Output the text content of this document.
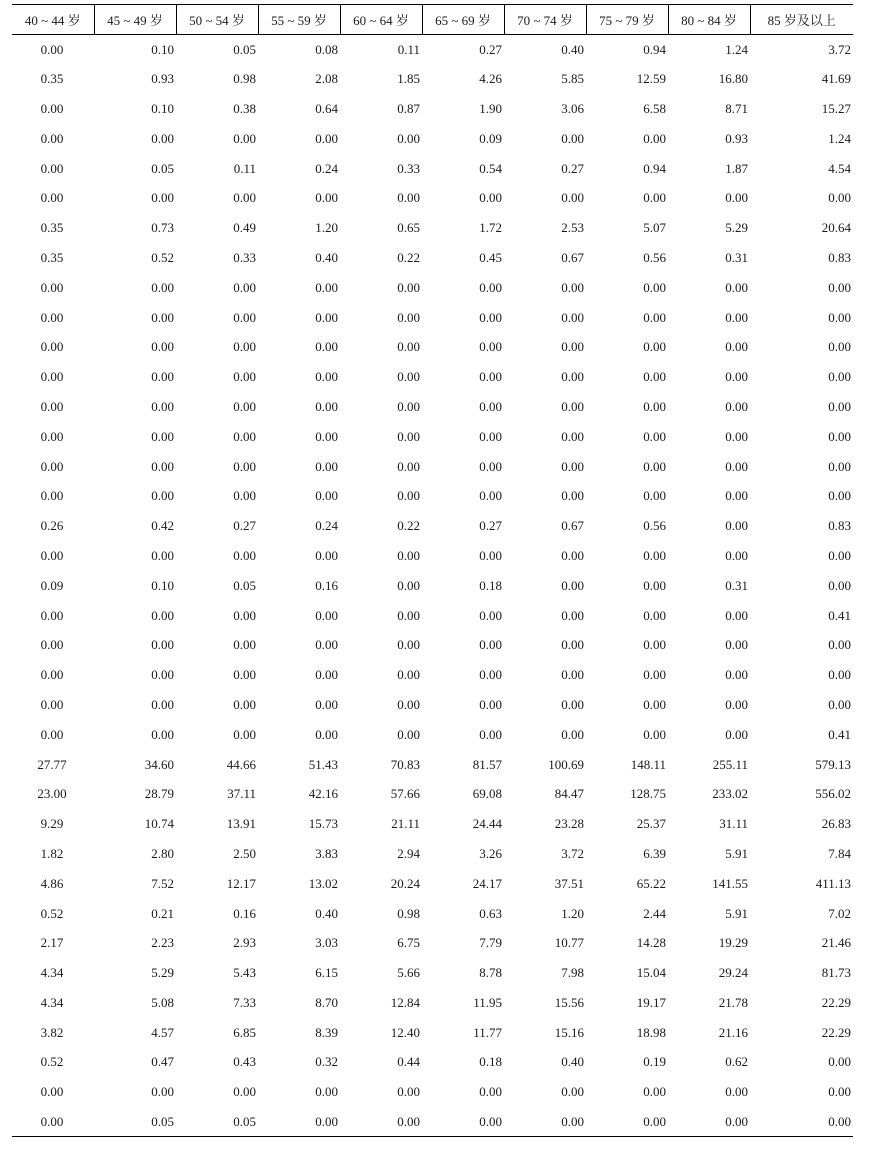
40 ~ 44 岁	45 ~ 49 岁	50 ~ 54 岁	55 ~ 59 岁	60 ~ 64 岁	65 ~ 69 岁	70 ~ 74 岁	75 ~ 79 岁	80 ~ 84 岁	85 岁及以上
0.00	0.10	0.05	0.08	0.11	0.27	0.40	0.94	1.24	3.72
0.35	0.93	0.98	2.08	1.85	4.26	5.85	12.59	16.80	41.69
0.00	0.10	0.38	0.64	0.87	1.90	3.06	6.58	8.71	15.27
0.00	0.00	0.00	0.00	0.00	0.09	0.00	0.00	0.93	1.24
0.00	0.05	0.11	0.24	0.33	0.54	0.27	0.94	1.87	4.54
0.00	0.00	0.00	0.00	0.00	0.00	0.00	0.00	0.00	0.00
0.35	0.73	0.49	1.20	0.65	1.72	2.53	5.07	5.29	20.64
0.35	0.52	0.33	0.40	0.22	0.45	0.67	0.56	0.31	0.83
0.00	0.00	0.00	0.00	0.00	0.00	0.00	0.00	0.00	0.00
0.00	0.00	0.00	0.00	0.00	0.00	0.00	0.00	0.00	0.00
0.00	0.00	0.00	0.00	0.00	0.00	0.00	0.00	0.00	0.00
0.00	0.00	0.00	0.00	0.00	0.00	0.00	0.00	0.00	0.00
0.00	0.00	0.00	0.00	0.00	0.00	0.00	0.00	0.00	0.00
0.00	0.00	0.00	0.00	0.00	0.00	0.00	0.00	0.00	0.00
0.00	0.00	0.00	0.00	0.00	0.00	0.00	0.00	0.00	0.00
0.00	0.00	0.00	0.00	0.00	0.00	0.00	0.00	0.00	0.00
0.26	0.42	0.27	0.24	0.22	0.27	0.67	0.56	0.00	0.83
0.00	0.00	0.00	0.00	0.00	0.00	0.00	0.00	0.00	0.00
0.09	0.10	0.05	0.16	0.00	0.18	0.00	0.00	0.31	0.00
0.00	0.00	0.00	0.00	0.00	0.00	0.00	0.00	0.00	0.41
0.00	0.00	0.00	0.00	0.00	0.00	0.00	0.00	0.00	0.00
0.00	0.00	0.00	0.00	0.00	0.00	0.00	0.00	0.00	0.00
0.00	0.00	0.00	0.00	0.00	0.00	0.00	0.00	0.00	0.00
0.00	0.00	0.00	0.00	0.00	0.00	0.00	0.00	0.00	0.41
27.77	34.60	44.66	51.43	70.83	81.57	100.69	148.11	255.11	579.13
23.00	28.79	37.11	42.16	57.66	69.08	84.47	128.75	233.02	556.02
9.29	10.74	13.91	15.73	21.11	24.44	23.28	25.37	31.11	26.83
1.82	2.80	2.50	3.83	2.94	3.26	3.72	6.39	5.91	7.84
4.86	7.52	12.17	13.02	20.24	24.17	37.51	65.22	141.55	411.13
0.52	0.21	0.16	0.40	0.98	0.63	1.20	2.44	5.91	7.02
2.17	2.23	2.93	3.03	6.75	7.79	10.77	14.28	19.29	21.46
4.34	5.29	5.43	6.15	5.66	8.78	7.98	15.04	29.24	81.73
4.34	5.08	7.33	8.70	12.84	11.95	15.56	19.17	21.78	22.29
3.82	4.57	6.85	8.39	12.40	11.77	15.16	18.98	21.16	22.29
0.52	0.47	0.43	0.32	0.44	0.18	0.40	0.19	0.62	0.00
0.00	0.00	0.00	0.00	0.00	0.00	0.00	0.00	0.00	0.00
0.00	0.05	0.05	0.00	0.00	0.00	0.00	0.00	0.00	0.00
